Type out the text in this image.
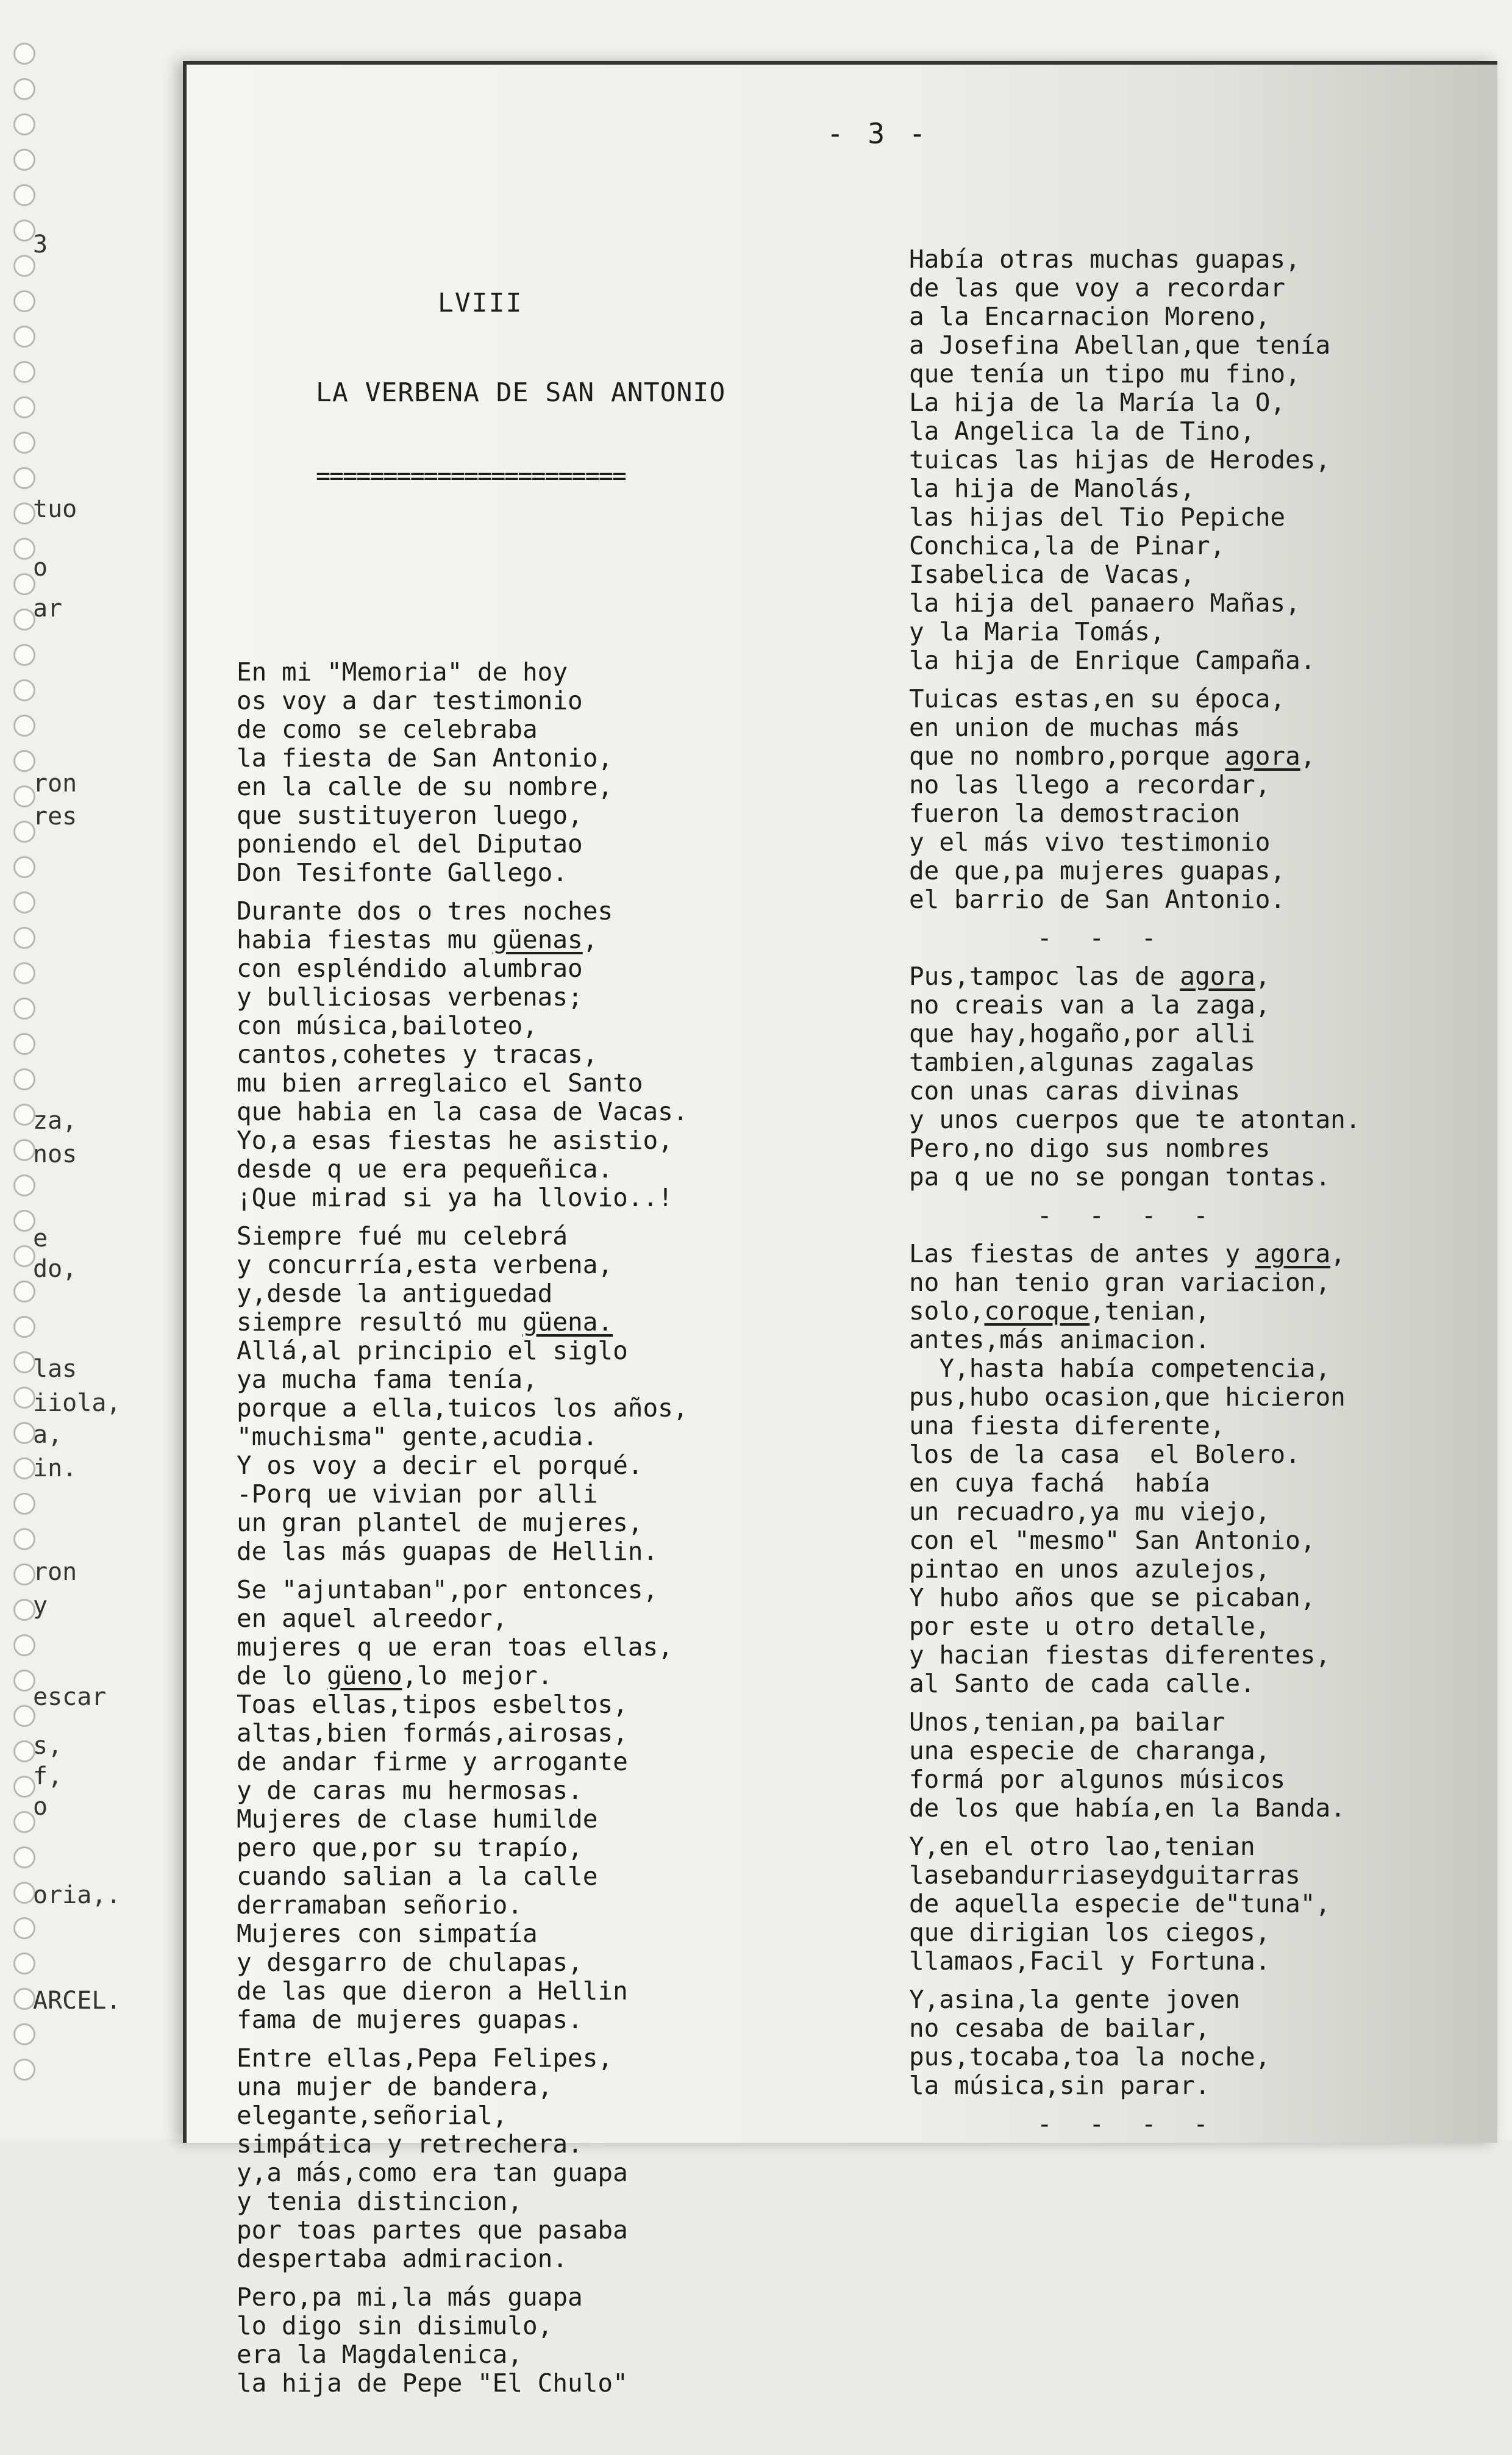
3
tuo
o
ar
ron
res
za,
nos
e
do,
las
iiola,
a,
in.
ron
y
escar
s,
f,
o
oria,.
ARCEL.
- 3 -

LVIII

LA VERBENA DE SAN ANTONIO

=======================

En mi "Memoria" de hoy
os voy a dar testimonio
de como se celebraba
la fiesta de San Antonio,
en la calle de su nombre,
que sustituyeron luego,
poniendo el del Diputao
Don Tesifonte Gallego.
Durante dos o tres noches
habia fiestas mu güenas,
con espléndido alumbrao
y bulliciosas verbenas;
con música,bailoteo,
cantos,cohetes y tracas,
mu bien arreglaico el Santo
que habia en la casa de Vacas.
Yo,a esas fiestas he asistio,
desde q ue era pequeñica.
¡Que mirad si ya ha llovio..!
Siempre fué mu celebrá
y concurría,esta verbena,
y,desde la antiguedad
siempre resultó mu güena.
Allá,al principio el siglo
ya mucha fama tenía,
porque a ella,tuicos los años,
"muchisma" gente,acudia.
Y os voy a decir el porqué.
-Porq ue vivian por alli
un gran plantel de mujeres,
de las más guapas de Hellin.
Se "ajuntaban",por entonces,
en aquel alreedor,
mujeres q ue eran toas ellas,
de lo güeno,lo mejor.
Toas ellas,tipos esbeltos,
altas,bien formás,airosas,
de andar firme y arrogante
y de caras mu hermosas.
Mujeres de clase humilde
pero que,por su trapío,
cuando salian a la calle
derramaban señorio.
Mujeres con simpatía
y desgarro de chulapas,
de las que dieron a Hellin
fama de mujeres guapas.
Entre ellas,Pepa Felipes,
una mujer de bandera,
elegante,señorial,
simpática y retrechera.
y,a más,como era tan guapa
y tenia distincion,
por toas partes que pasaba
despertaba admiracion.
Pero,pa mi,la más guapa
lo digo sin disimulo,
era la Magdalenica,
la hija de Pepe "El Chulo"

Había otras muchas guapas,
de las que voy a recordar
a la Encarnacion Moreno,
a Josefina Abellan,que tenía
que tenía un tipo mu fino,
La hija de la María la O,
la Angelica la de Tino,
tuicas las hijas de Herodes,
la hija de Manolás,
las hijas del Tio Pepiche
Conchica,la de Pinar,
Isabelica de Vacas,
la hija del panaero Mañas,
y la Maria Tomás,
la hija de Enrique Campaña.
Tuicas estas,en su época,
en union de muchas más
que no nombro,porque agora,
no las llego a recordar,
fueron la demostracion
y el más vivo testimonio
de que,pa mujeres guapas,
el barrio de San Antonio.
- - -
Pus,tampoc las de agora,
no creais van a la zaga,
que hay,hogaño,por alli
tambien,algunas zagalas
con unas caras divinas
y unos cuerpos que te atontan.
Pero,no digo sus nombres
pa q ue no se pongan tontas.
- - - -
Las fiestas de antes y agora,
no han tenio gran variacion,
solo,coroque,tenian,
antes,más animacion.
Y,hasta había competencia,
pus,hubo ocasion,que hicieron
una fiesta diferente,
los de la casa  el Bolero.
en cuya fachá  había
un recuadro,ya mu viejo,
con el "mesmo" San Antonio,
pintao en unos azulejos,
Y hubo años que se picaban,
por este u otro detalle,
y hacian fiestas diferentes,
al Santo de cada calle.
Unos,tenian,pa bailar
una especie de charanga,
formá por algunos músicos
de los que había,en la Banda.
Y,en el otro lao,tenian
lasebandurriaseydguitarras
de aquella especie de"tuna",
que dirigian los ciegos,
llamaos,Facil y Fortuna.
Y,asina,la gente joven
no cesaba de bailar,
pus,tocaba,toa la noche,
la música,sin parar.
- - - -
